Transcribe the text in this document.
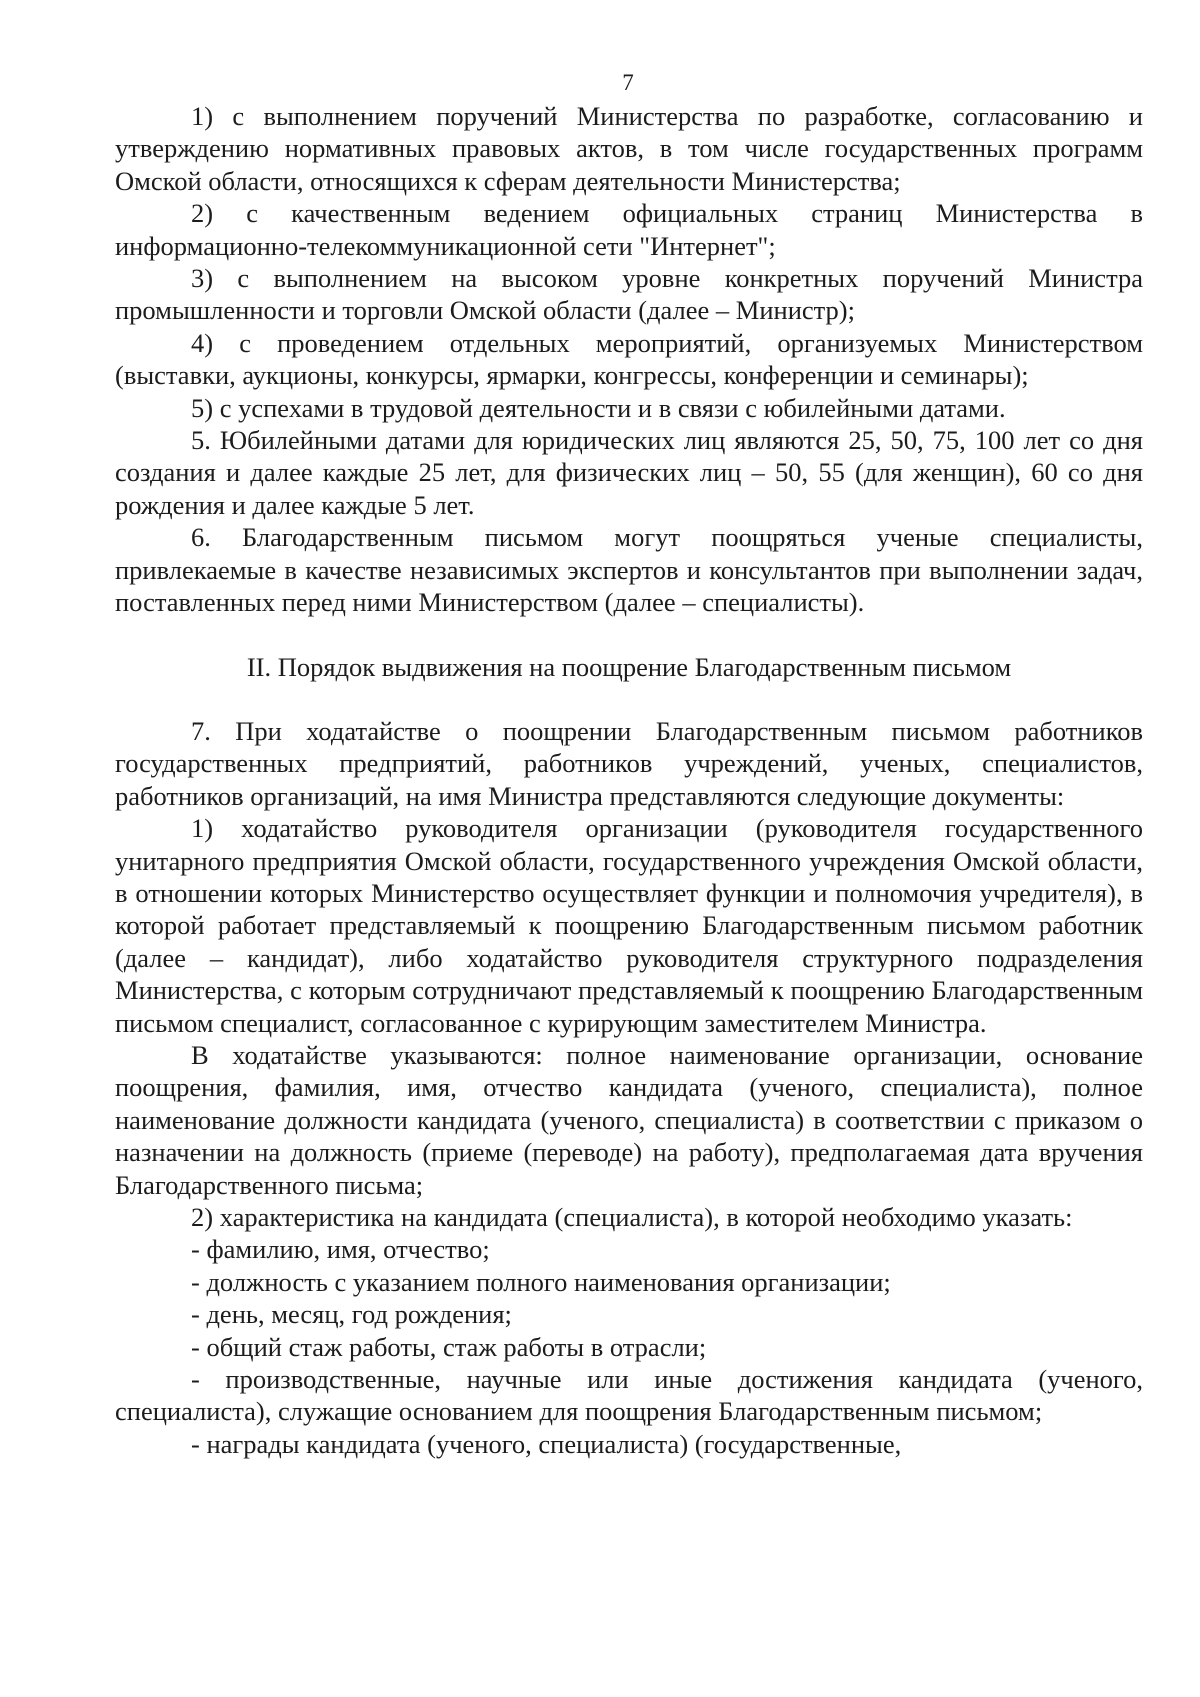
7

1) с выполнением поручений Министерства по разработке, согласованию и утверждению нормативных правовых актов, в том числе государственных программ Омской области, относящихся к сферам деятельности Министерства;

2) с качественным ведением официальных страниц Министерства в информационно-телекоммуникационной сети "Интернет";

3) с выполнением на высоком уровне конкретных поручений Министра промышленности и торговли Омской области (далее – Министр);

4) с проведением отдельных мероприятий, организуемых Министерством (выставки, аукционы, конкурсы, ярмарки, конгрессы, конференции и семинары);

5) с успехами в трудовой деятельности и в связи с юбилейными датами.

5. Юбилейными датами для юридических лиц являются 25, 50, 75, 100 лет со дня создания и далее каждые 25 лет, для физических лиц – 50, 55 (для женщин), 60 со дня рождения и далее каждые 5 лет.

6. Благодарственным письмом могут поощряться ученые специалисты, привлекаемые в качестве независимых экспертов и консультантов при выполнении задач, поставленных перед ними Министерством (далее – специалисты).

II. Порядок выдвижения на поощрение Благодарственным письмом

7. При ходатайстве о поощрении Благодарственным письмом работников государственных предприятий, работников учреждений, ученых, специалистов, работников организаций, на имя Министра представляются следующие документы:

1) ходатайство руководителя организации (руководителя государственного унитарного предприятия Омской области, государственного учреждения Омской области, в отношении которых Министерство осуществляет функции и полномочия учредителя), в которой работает представляемый к поощрению Благодарственным письмом работник (далее – кандидат), либо ходатайство руководителя структурного подразделения Министерства, с которым сотрудничают представляемый к поощрению Благодарственным письмом специалист, согласованное с курирующим заместителем Министра.

В ходатайстве указываются: полное наименование организации, основание поощрения, фамилия, имя, отчество кандидата (ученого, специалиста), полное наименование должности кандидата (ученого, специалиста) в соответствии с приказом о назначении на должность (приеме (переводе) на работу), предполагаемая дата вручения Благодарственного письма;

2) характеристика на кандидата (специалиста), в которой необходимо указать:

- фамилию, имя, отчество;

- должность с указанием полного наименования организации;

- день, месяц, год рождения;

- общий стаж работы, стаж работы в отрасли;

- производственные, научные или иные достижения кандидата (ученого, специалиста), служащие основанием для поощрения Благодарственным письмом;

- награды кандидата (ученого, специалиста) (государственные,
